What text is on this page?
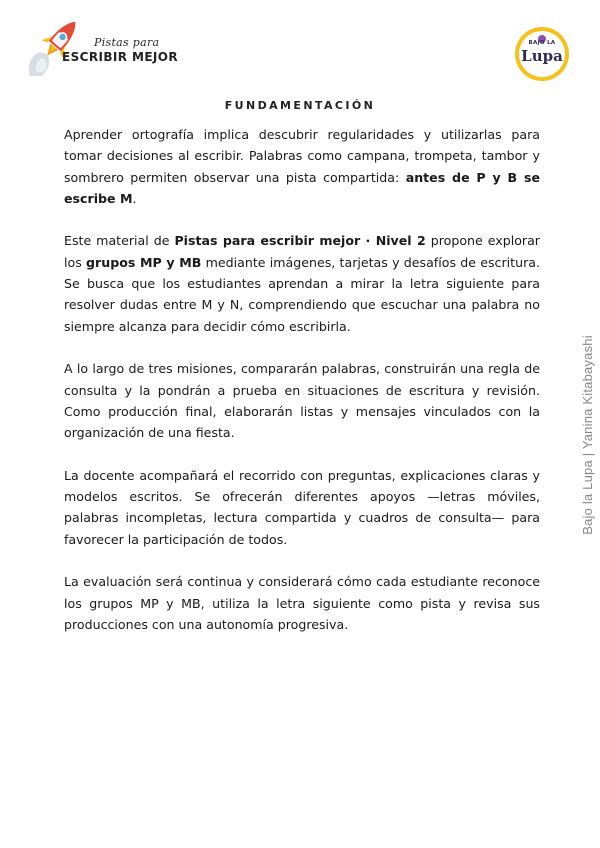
Pistas para
ESCRIBIR MEJOR
BAJO LA
Lupa
FUNDAMENTACIÓN

Aprender ortografía implica descubrir regularidades y utilizarlas para tomar decisiones al escribir. Palabras como campana, trompeta, tambor y sombrero permiten observar una pista compartida: antes de P y B se escribe M.

Este material de Pistas para escribir mejor · Nivel 2 propone explorar los grupos MP y MB mediante imágenes, tarjetas y desafíos de escritura. Se busca que los estudiantes aprendan a mirar la letra siguiente para resolver dudas entre M y N, comprendiendo que escuchar una palabra no siempre alcanza para decidir cómo escribirla.

A lo largo de tres misiones, compararán palabras, construirán una regla de consulta y la pondrán a prueba en situaciones de escritura y revisión. Como producción final, elaborarán listas y mensajes vinculados con la organización de una fiesta.

La docente acompañará el recorrido con preguntas, explicaciones claras y modelos escritos. Se ofrecerán diferentes apoyos —letras móviles, palabras incompletas, lectura compartida y cuadros de consulta— para favorecer la participación de todos.

La evaluación será continua y considerará cómo cada estudiante reconoce los grupos MP y MB, utiliza la letra siguiente como pista y revisa sus producciones con una autonomía progresiva.

Bajo la Lupa | Yanina Kitabayashi
